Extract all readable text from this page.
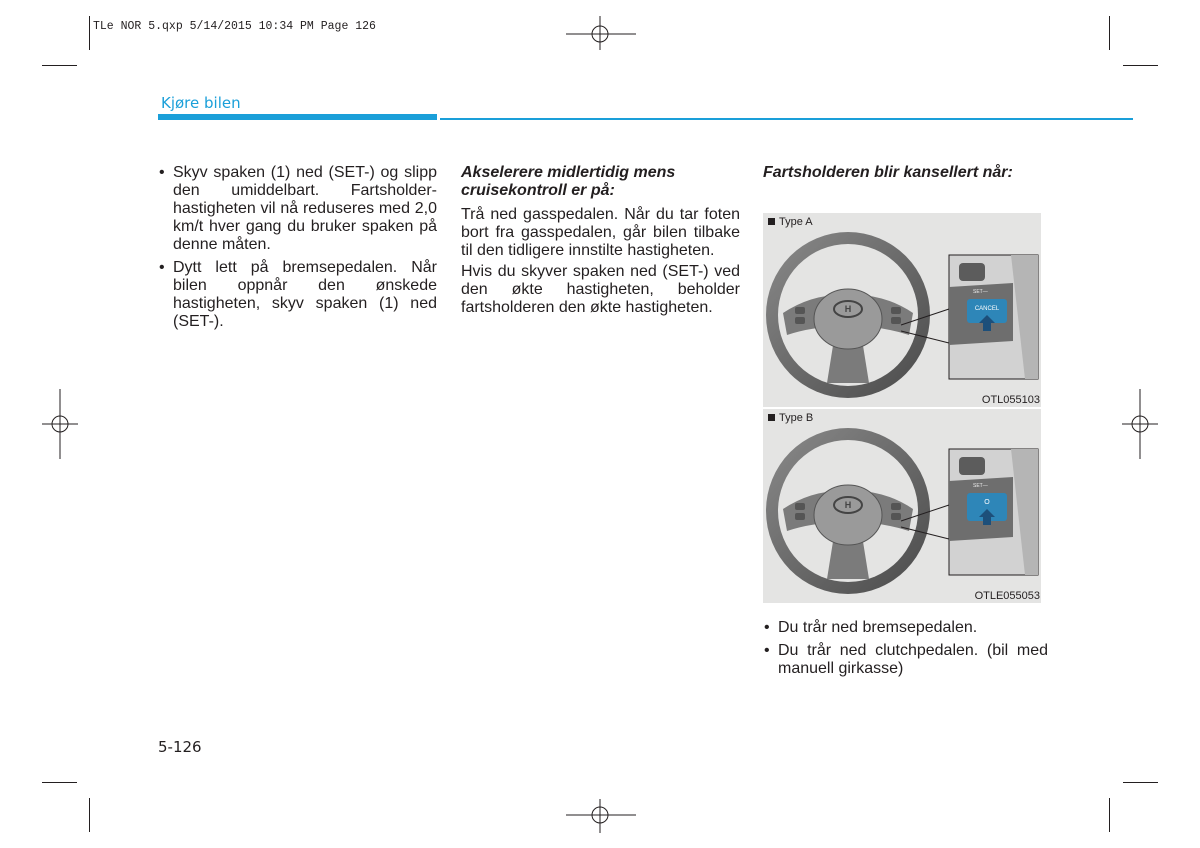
TLe NOR 5.qxp 5/14/2015 10:34 PM Page 126
Kjøre bilen
• Skyv spaken (1) ned (SET-) og slipp den umiddelbart. Fartsholderhastigheten vil nå reduseres med 2,0 km/t hver gang du bruker spaken på denne måten.
• Dytt lett på bremsepedalen. Når bilen oppnår den ønskede hastigheten, skyv spaken (1) ned (SET-).

Akselerere midlertidig mens cruisekontroll er på:

Trå ned gasspedalen. Når du tar foten bort fra gasspedalen, går bilen tilbake til den tidligere innstilte hastigheten.

Hvis du skyver spaken ned (SET-) ved den økte hastigheten, beholder fartsholderen den økte hastigheten.

Fartsholderen blir kansellert når:

H
SET—
CANCEL
Type A
OTL055103
H
SET—
O
Type B
OTLE055053
• Du trår ned bremsepedalen.
• Du trår ned clutchpedalen. (bil med manuell girkasse)
5-126
